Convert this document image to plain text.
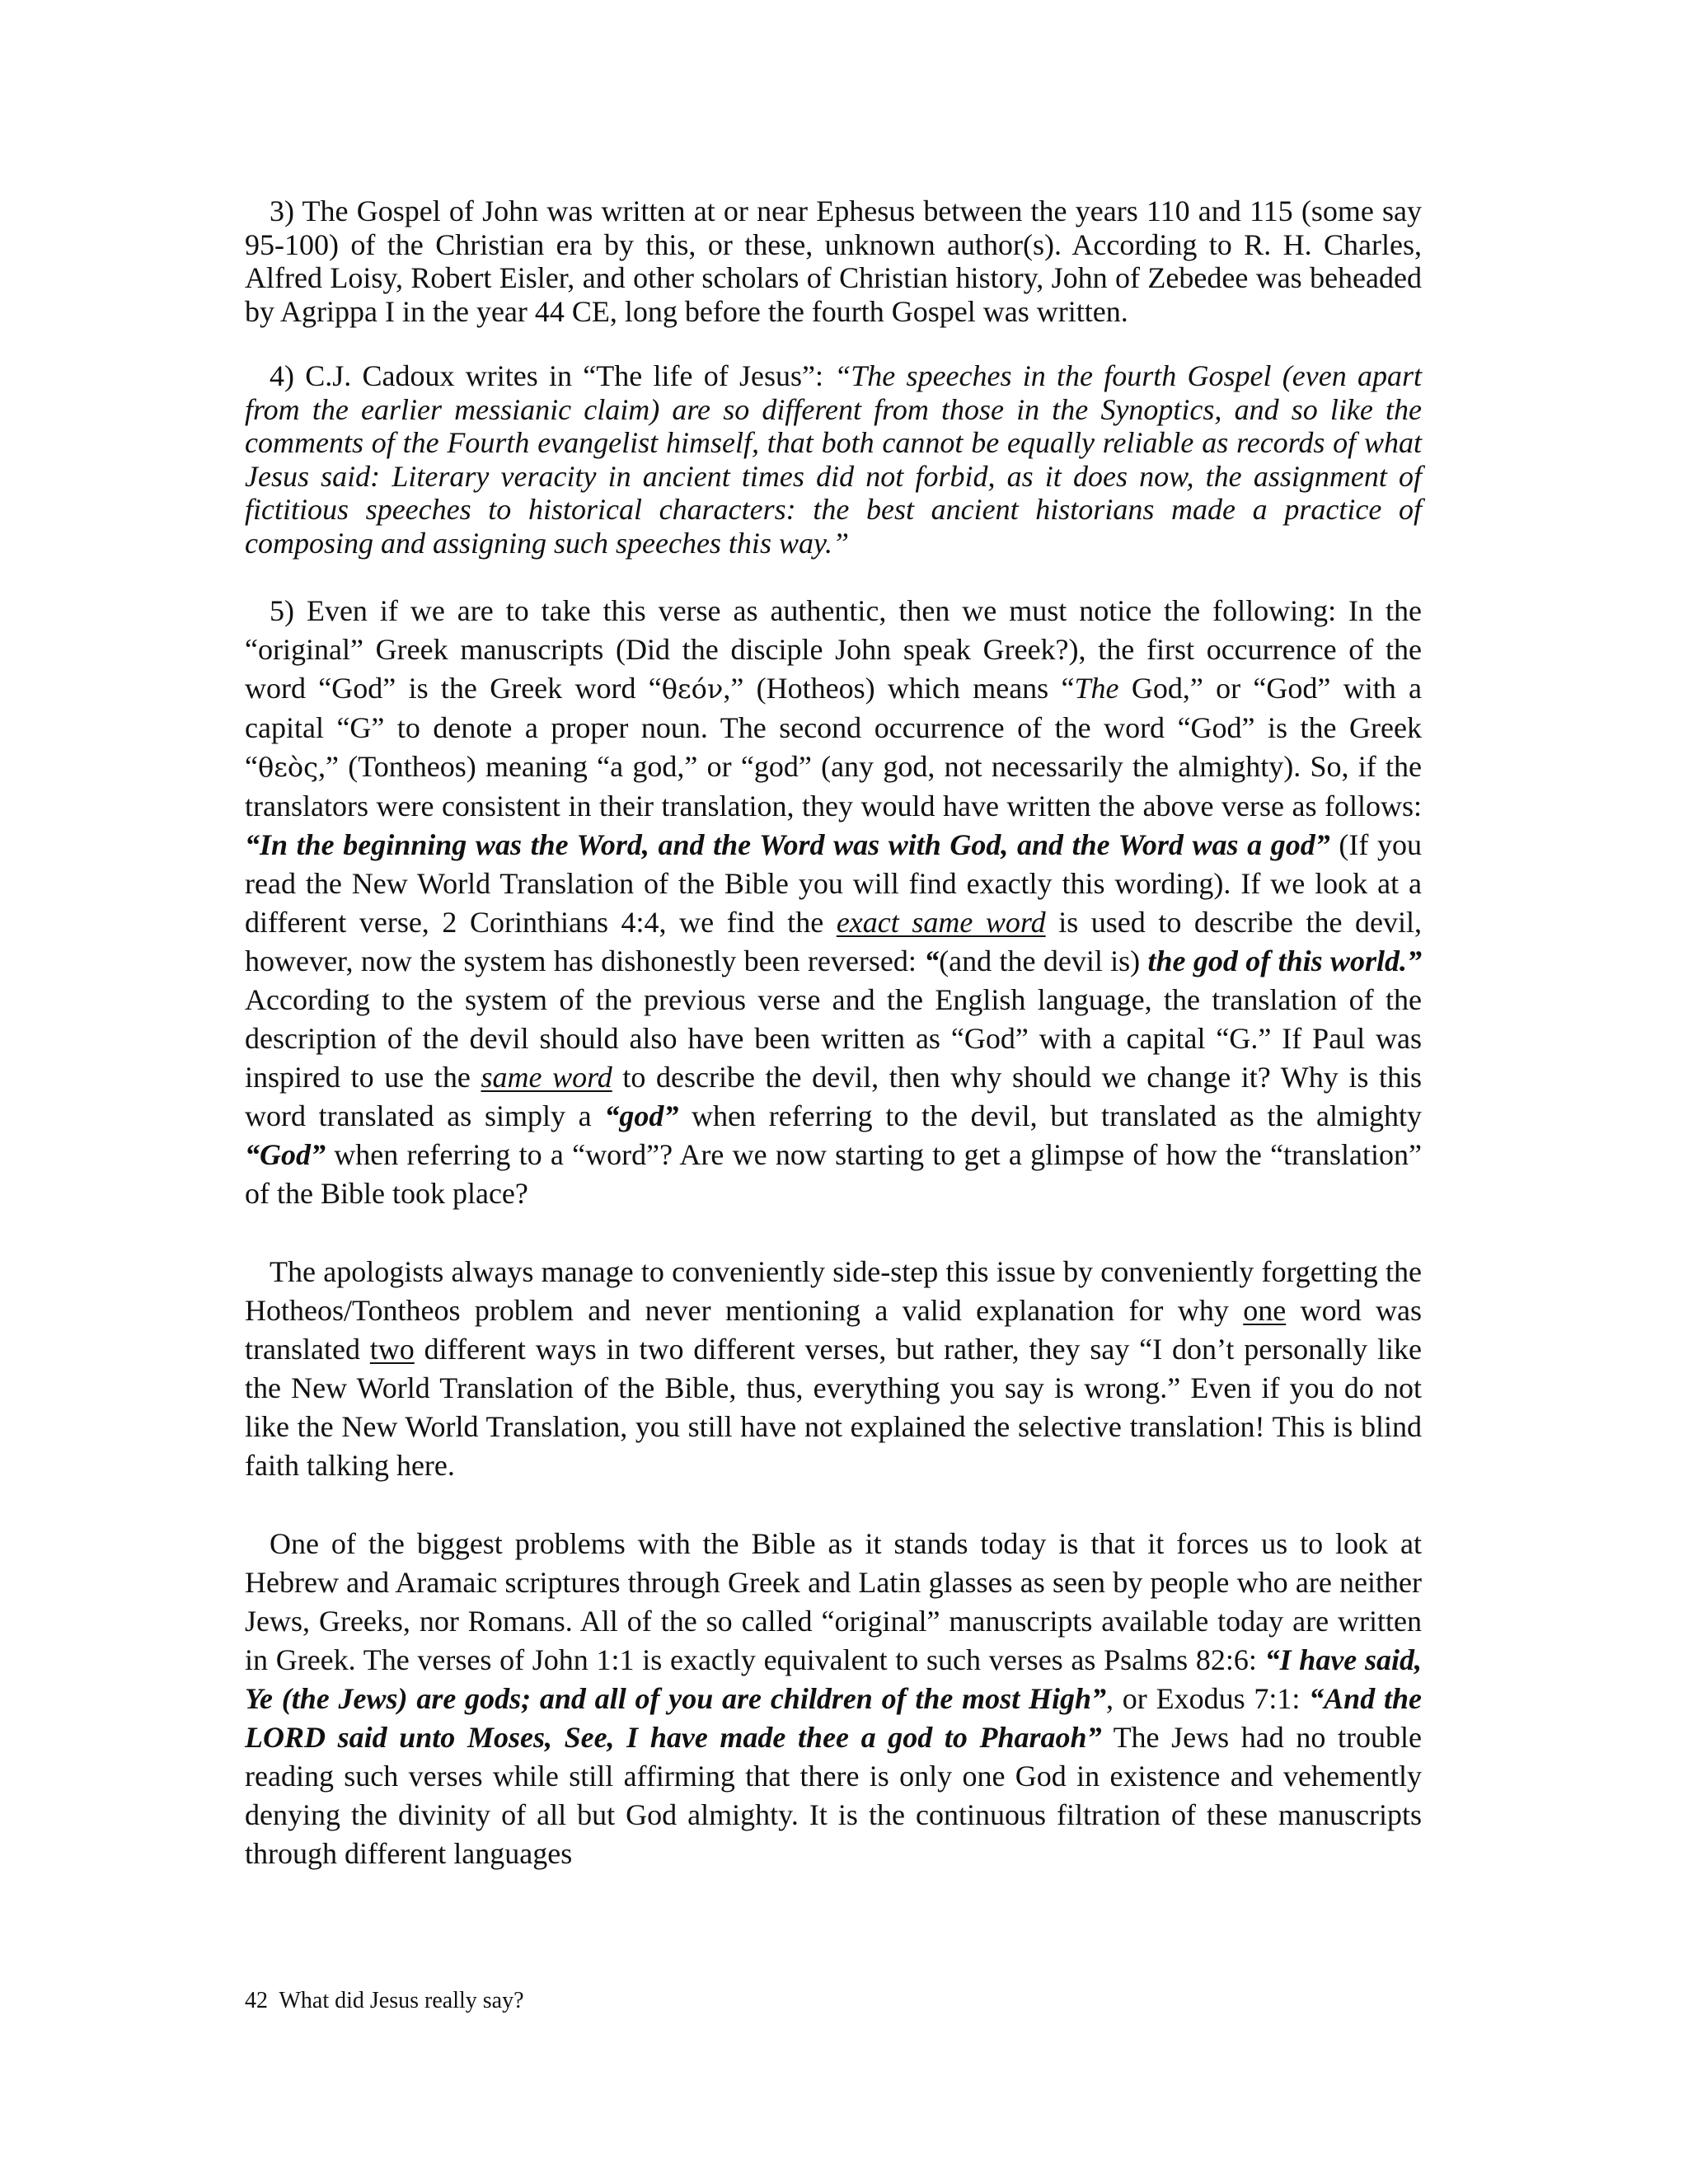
3) The Gospel of John was written at or near Ephesus between the years 110 and 115 (some say 95-100) of the Christian era by this, or these, unknown author(s). According to R. H. Charles, Alfred Loisy, Robert Eisler, and other scholars of Christian history, John of Zebedee was beheaded by Agrippa I in the year 44 CE, long before the fourth Gospel was written.

4) C.J. Cadoux writes in “The life of Jesus”: “The speeches in the fourth Gospel (even apart from the earlier messianic claim) are so different from those in the Synoptics, and so like the comments of the Fourth evangelist himself, that both cannot be equally reliable as records of what Jesus said: Literary veracity in ancient times did not forbid, as it does now, the assignment of fictitious speeches to historical characters: the best ancient historians made a practice of composing and assigning such speeches this way.”

5) Even if we are to take this verse as authentic, then we must notice the following: In the “original” Greek manuscripts (Did the disciple John speak Greek?), the first occurrence of the word “God” is the Greek word “θεόν,” (Hotheos) which means “The God,” or “God” with a capital “G” to denote a proper noun. The second occurrence of the word “God” is the Greek “θεὸς,” (Tontheos) meaning “a god,” or “god” (any god, not necessarily the almighty). So, if the translators were consistent in their translation, they would have written the above verse as follows: “In the beginning was the Word, and the Word was with God, and the Word was a god” (If you read the New World Translation of the Bible you will find exactly this wording). If we look at a different verse, 2 Corinthians 4:4, we find the exact same word is used to describe the devil, however, now the system has dishonestly been reversed: “(and the devil is) the god of this world.” According to the system of the previous verse and the English language, the translation of the description of the devil should also have been written as “God” with a capital “G.” If Paul was inspired to use the same word to describe the devil, then why should we change it? Why is this word translated as simply a “god” when referring to the devil, but translated as the almighty “God” when referring to a “word”? Are we now starting to get a glimpse of how the “translation” of the Bible took place?

The apologists always manage to conveniently side-step this issue by conveniently forgetting the Hotheos/Tontheos problem and never mentioning a valid explanation for why one word was translated two different ways in two different verses, but rather, they say “I don’t personally like the New World Translation of the Bible, thus, everything you say is wrong.” Even if you do not like the New World Translation, you still have not explained the selective translation! This is blind faith talking here.

One of the biggest problems with the Bible as it stands today is that it forces us to look at Hebrew and Aramaic scriptures through Greek and Latin glasses as seen by people who are neither Jews, Greeks, nor Romans. All of the so called “original” manuscripts available today are written in Greek. The verses of John 1:1 is exactly equivalent to such verses as Psalms 82:6: “I have said, Ye (the Jews) are gods; and all of you are children of the most High”, or Exodus 7:1: “And the LORD said unto Moses, See, I have made thee a god to Pharaoh” The Jews had no trouble reading such verses while still affirming that there is only one God in existence and vehemently denying the divinity of all but God almighty. It is the continuous filtration of these manuscripts through different languages

42 What did Jesus really say?
